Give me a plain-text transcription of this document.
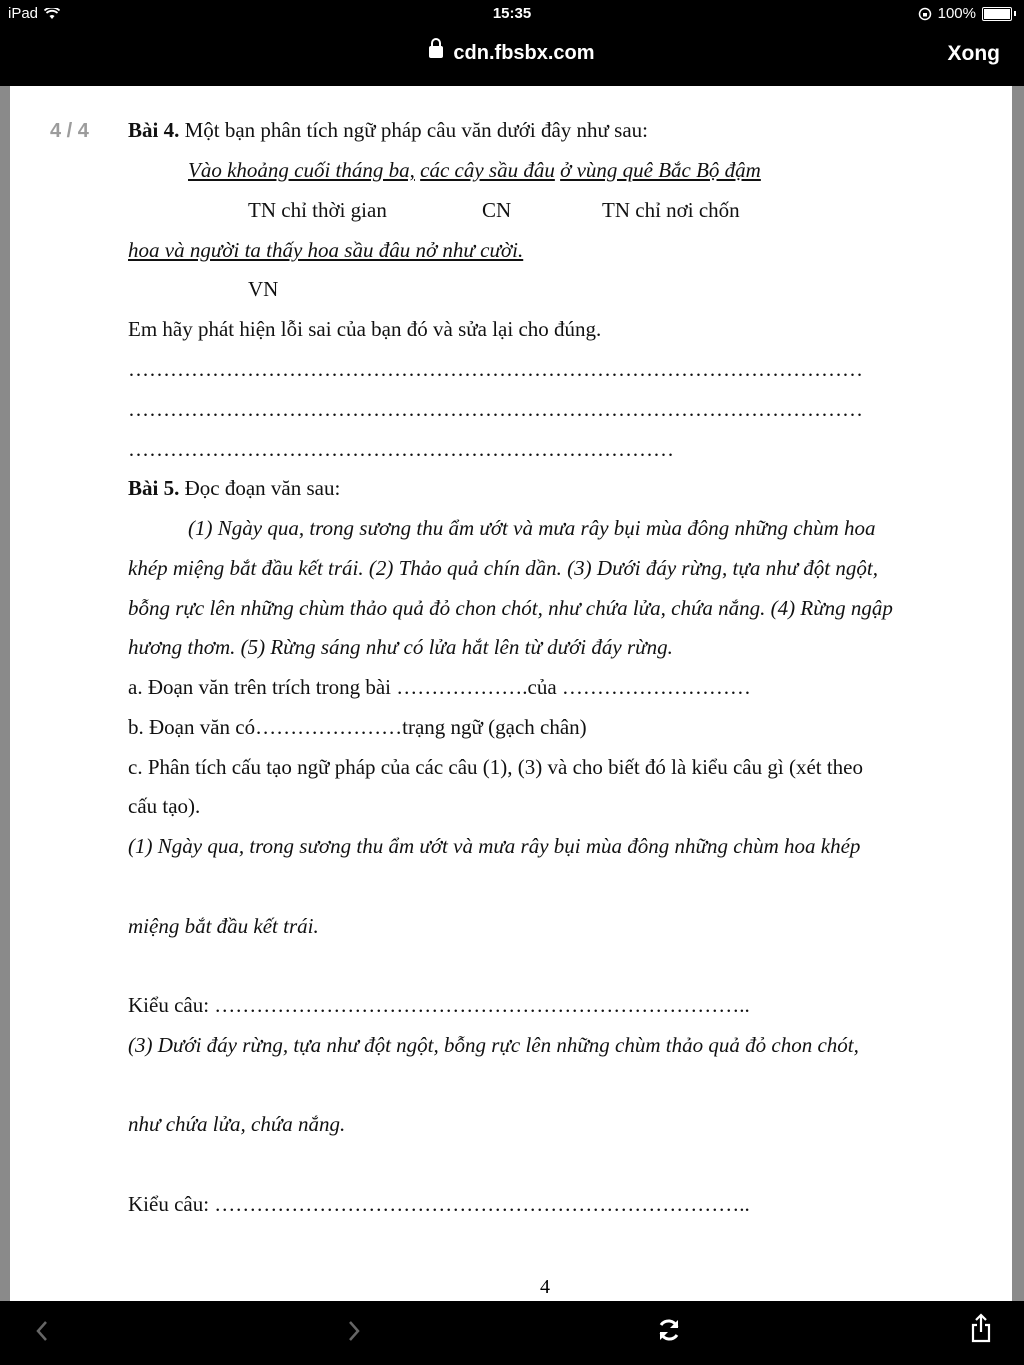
iPad	15:35	100%
cdn.fbsbx.com	Xong
4 / 4 Bài 4. Một bạn phân tích ngữ pháp câu văn dưới đây như sau:
Vào khoảng cuối tháng ba, các cây sầu đâu ở vùng quê Bắc Bộ đậm
TN chỉ thời gian	CN	TN chỉ nơi chốn
hoa và người ta thấy hoa sầu đâu nở như cười.
VN
Em hãy phát hiện lỗi sai của bạn đó và sửa lại cho đúng.
……………………………………………………………………………………………
……………………………………………………………………………………………
……………………………………………………………………
Bài 5. Đọc đoạn văn sau:
(1) Ngày qua, trong sương thu ẩm ướt và mưa rây bụi mùa đông những chùm hoa
khép miệng bắt đầu kết trái. (2) Thảo quả chín dần. (3) Dưới đáy rừng, tựa như đột ngột,
bỗng rực lên những chùm thảo quả đỏ chon chót, như chứa lửa, chứa nắng. (4) Rừng ngập
hương thơm. (5) Rừng sáng như có lửa hắt lên từ dưới đáy rừng.
a. Đoạn văn trên trích trong bài ……………….của ………………………
b. Đoạn văn có…………………trạng ngữ (gạch chân)
c. Phân tích cấu tạo ngữ pháp của các câu (1), (3) và cho biết đó là kiểu câu gì (xét theo
cấu tạo).
(1) Ngày qua, trong sương thu ẩm ướt và mưa rây bụi mùa đông những chùm hoa khép
miệng bắt đầu kết trái.
Kiểu câu: …………………………………………………………………..
(3) Dưới đáy rừng, tựa như đột ngột, bỗng rực lên những chùm thảo quả đỏ chon chót,
như chứa lửa, chứa nắng.
Kiểu câu: …………………………………………………………………..
4
